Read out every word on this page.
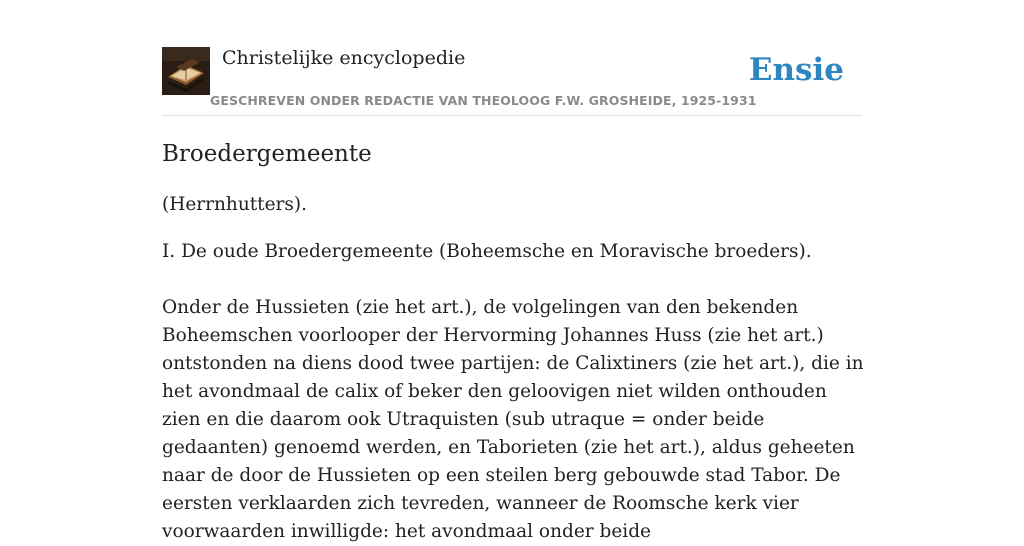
Christelijke encyclopedie
GESCHREVEN ONDER REDACTIE VAN THEOLOOG F.W. GROSHEIDE, 1925-1931
Ensie
Broedergemeente

(Herrnhutters).

I. De oude Broedergemeente (Boheemsche en Moravische broeders).

Onder de Hussieten (zie het art.), de volgelingen van den bekenden Boheemschen voorlooper der Hervorming Johannes Huss (zie het art.) ontstonden na diens dood twee partijen: de Calixtiners (zie het art.), die in het avondmaal de calix of beker den geloovigen niet wilden onthouden zien en die daarom ook Utraquisten (sub utraque = onder beide gedaanten) genoemd werden, en Taborieten (zie het art.), aldus geheeten naar de door de Hussieten op een steilen berg gebouwde stad Tabor. De eersten verklaarden zich tevreden, wanneer de Roomsche kerk vier voorwaarden inwilligde: het avondmaal onder beide
